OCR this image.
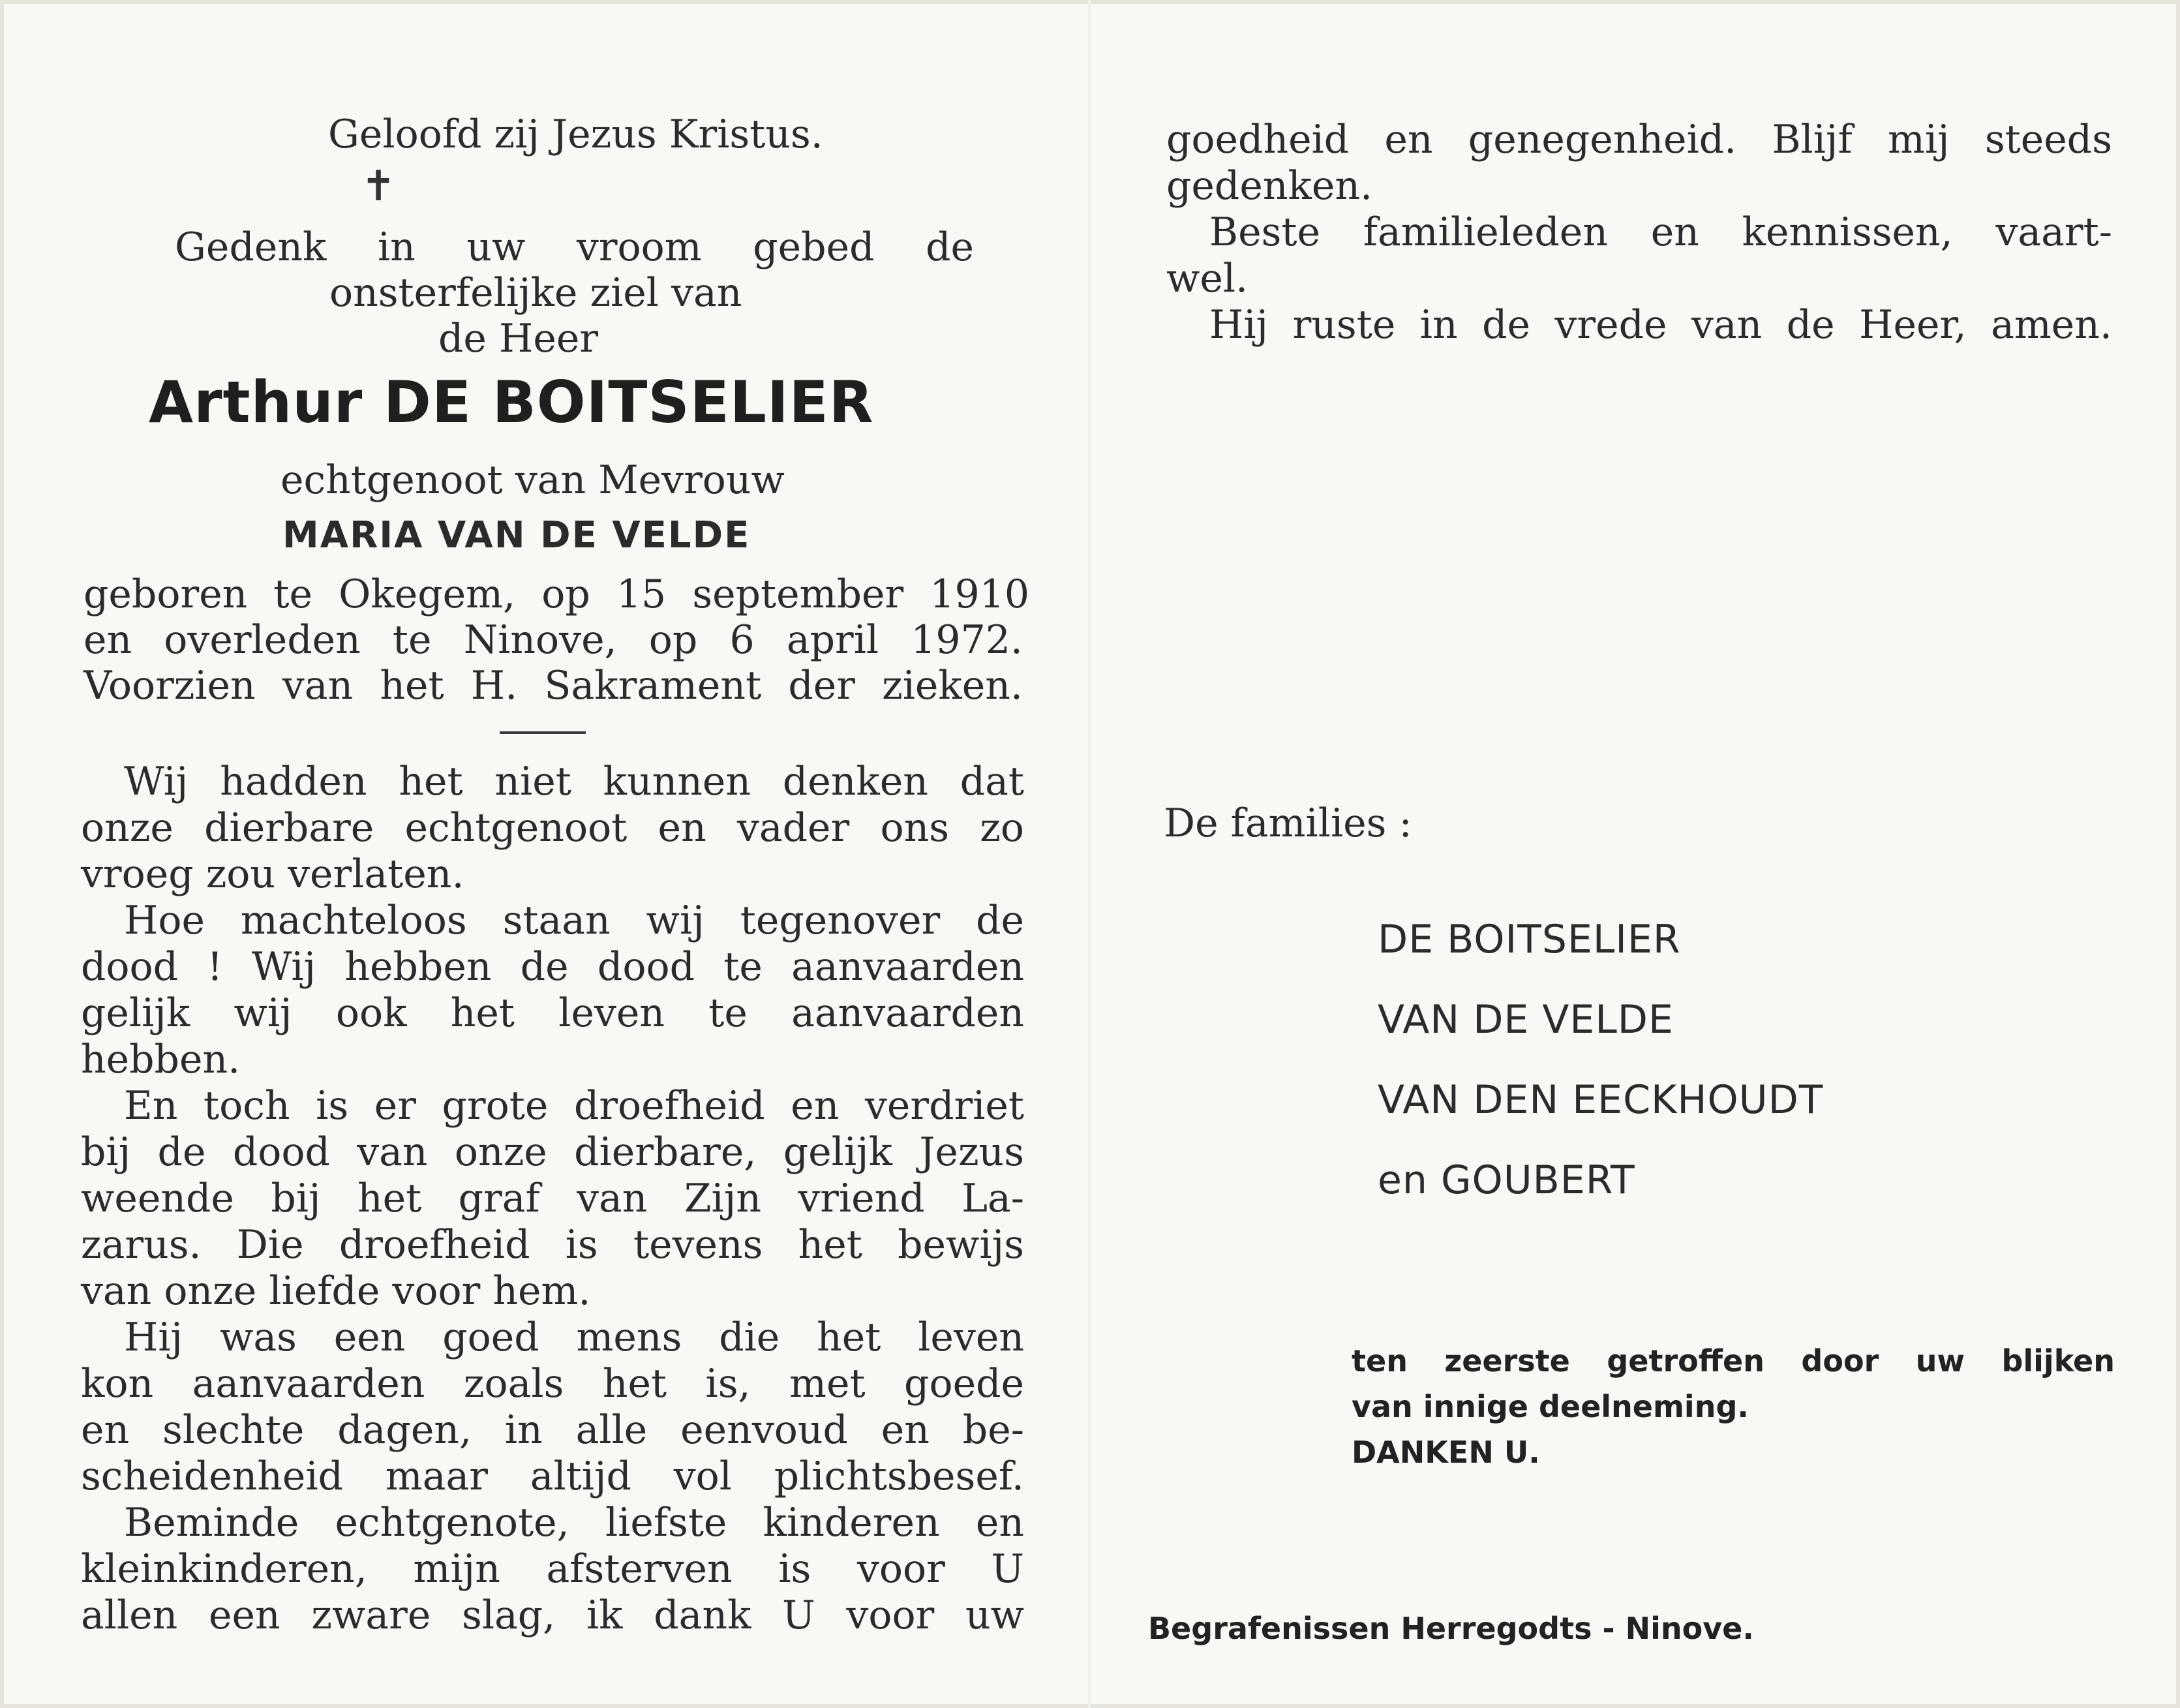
Geloofd zij Jezus Kristus.
✝
Gedenk in uw vroom gebed de
onsterfelijke ziel van
de Heer
Arthur DE BOITSELIER
echtgenoot van Mevrouw
MARIA VAN DE VELDE
geboren te Okegem, op 15 september 1910
en overleden te Ninove, op 6 april 1972.
Voorzien van het H. Sakrament der zieken.
Wij hadden het niet kunnen denken dat
onze dierbare echtgenoot en vader ons zo
vroeg zou verlaten.
Hoe machteloos staan wij tegenover de
dood ! Wij hebben de dood te aanvaarden
gelijk wij ook het leven te aanvaarden
hebben.
En toch is er grote droefheid en verdriet
bij de dood van onze dierbare, gelijk Jezus
weende bij het graf van Zijn vriend La-
zarus. Die droefheid is tevens het bewijs
van onze liefde voor hem.
Hij was een goed mens die het leven
kon aanvaarden zoals het is, met goede
en slechte dagen, in alle eenvoud en be-
scheidenheid maar altijd vol plichtsbesef.
Beminde echtgenote, liefste kinderen en
kleinkinderen, mijn afsterven is voor U
allen een zware slag, ik dank U voor uw
goedheid en genegenheid. Blijf mij steeds
gedenken.
Beste familieleden en kennissen, vaart-
wel.
Hij ruste in de vrede van de Heer, amen.
De families :
DE BOITSELIER
VAN DE VELDE
VAN DEN EECKHOUDT
en GOUBERT
ten zeerste getroffen door uw blijken
van innige deelneming.
DANKEN U.
Begrafenissen Herregodts - Ninove.
